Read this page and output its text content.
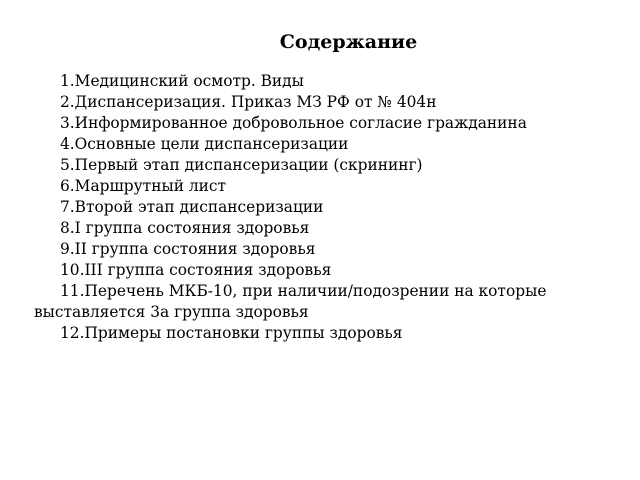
Содержание
1.Медицинский осмотр. Виды
2.Диспансеризация. Приказ МЗ РФ от № 404н
3.Информированное добровольное согласие гражданина
4.Основные цели диспансеризации
5.Первый этап диспансеризации (скрининг)
6.Маршрутный лист
7.Второй этап диспансеризации
8.I группа состояния здоровья
9.II группа состояния здоровья
10.III группа состояния здоровья
11.Перечень МКБ-10, при наличии/подозрении на которые выставляется 3а группа здоровья
12.Примеры постановки группы здоровья
